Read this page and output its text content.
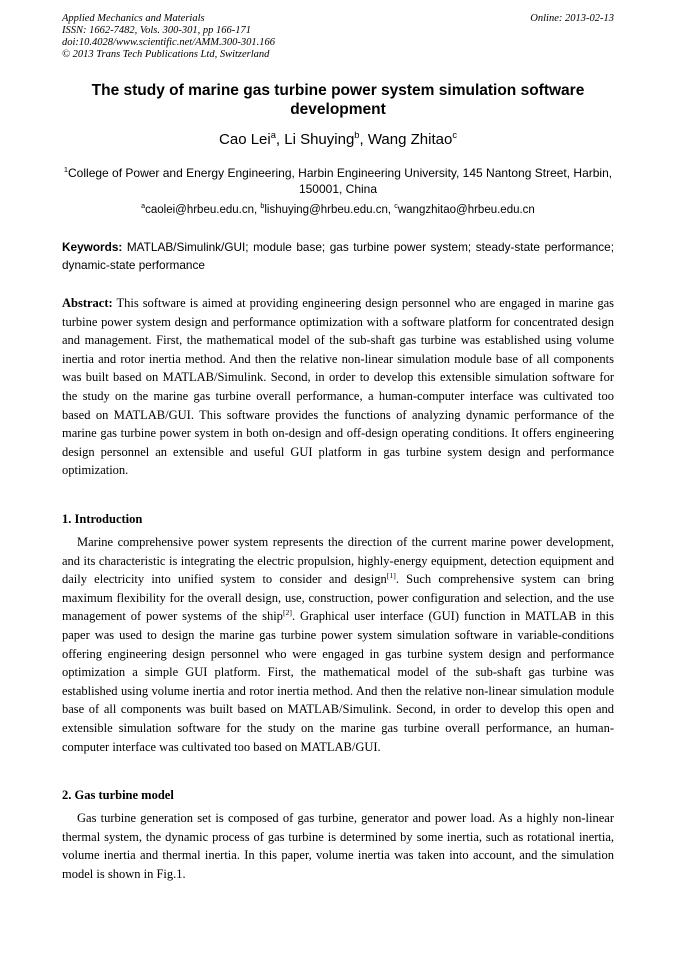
Applied Mechanics and Materials
ISSN: 1662-7482, Vols. 300-301, pp 166-171
doi:10.4028/www.scientific.net/AMM.300-301.166
© 2013 Trans Tech Publications Ltd, Switzerland
Online: 2013-02-13
The study of marine gas turbine power system simulation software development
Cao Lei$^a$, Li Shuying$^b$, Wang Zhitao$^c$
$^1$College of Power and Energy Engineering, Harbin Engineering University, 145 Nantong Street, Harbin, 150001, China
$^a$caolei@hrbeu.edu.cn, $^b$lishuying@hrbeu.edu.cn, $^c$wangzhitao@hrbeu.edu.cn
Keywords: MATLAB/Simulink/GUI; module base; gas turbine power system; steady-state performance; dynamic-state performance
Abstract: This software is aimed at providing engineering design personnel who are engaged in marine gas turbine power system design and performance optimization with a software platform for concentrated design and management. First, the mathematical model of the sub-shaft gas turbine was established using volume inertia and rotor inertia method. And then the relative non-linear simulation module base of all components was built based on MATLAB/Simulink. Second, in order to develop this extensible simulation software for the study on the marine gas turbine overall performance, a human-computer interface was cultivated too based on MATLAB/GUI. This software provides the functions of analyzing dynamic performance of the marine gas turbine power system in both on-design and off-design operating conditions. It offers engineering design personnel an extensible and useful GUI platform in gas turbine system design and performance optimization.
1. Introduction
Marine comprehensive power system represents the direction of the current marine power development, and its characteristic is integrating the electric propulsion, highly-energy equipment, detection equipment and daily electricity into unified system to consider and design[1]. Such comprehensive system can bring maximum flexibility for the overall design, use, construction, power configuration and selection, and the use management of power systems of the ship[2]. Graphical user interface (GUI) function in MATLAB in this paper was used to design the marine gas turbine power system simulation software in variable-conditions offering engineering design personnel who were engaged in gas turbine system design and performance optimization a simple GUI platform. First, the mathematical model of the sub-shaft gas turbine was established using volume inertia and rotor inertia method. And then the relative non-linear simulation module base of all components was built based on MATLAB/Simulink. Second, in order to develop this open and extensible simulation software for the study on the marine gas turbine overall performance, an human-computer interface was cultivated too based on MATLAB/GUI.
2. Gas turbine model
Gas turbine generation set is composed of gas turbine, generator and power load. As a highly non-linear thermal system, the dynamic process of gas turbine is determined by some inertia, such as rotational inertia, volume inertia and thermal inertia. In this paper, volume inertia was taken into account, and the simulation model is shown in Fig.1.
